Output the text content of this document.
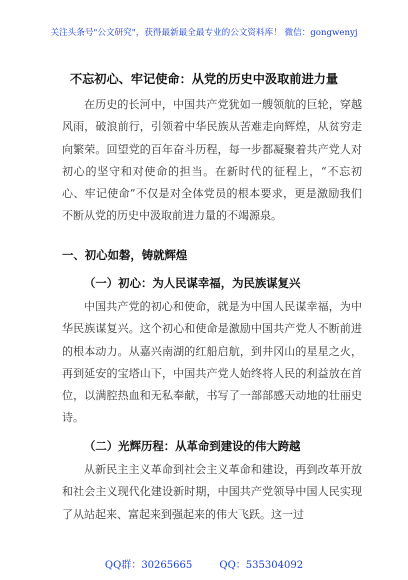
关注头条号"公文研究"，获得最新最全最专业的公文资料库！ 微信：gongwenyj
不忘初心、牢记使命：从党的历史中汲取前进力量

在历史的长河中，中国共产党犹如一艘领航的巨轮，穿越风雨，破浪前行，引领着中华民族从苦难走向辉煌，从贫穷走向繁荣。回望党的百年奋斗历程，每一步都凝聚着共产党人对初心的坚守和对使命的担当。在新时代的征程上，“不忘初心、牢记使命”不仅是对全体党员的根本要求，更是激励我们不断从党的历史中汲取前进力量的不竭源泉。

一、初心如磐，铸就辉煌
（一）初心：为人民谋幸福，为民族谋复兴

中国共产党的初心和使命，就是为中国人民谋幸福，为中华民族谋复兴。这个初心和使命是激励中国共产党人不断前进的根本动力。从嘉兴南湖的红船启航，到井冈山的星星之火，再到延安的宝塔山下，中国共产党人始终将人民的利益放在首位，以满腔热血和无私奉献，书写了一部部感天动地的壮丽史诗。

（二）光辉历程：从革命到建设的伟大跨越

从新民主主义革命到社会主义革命和建设，再到改革开放和社会主义现代化建设新时期，中国共产党领导中国人民实现了从站起来、富起来到强起来的伟大飞跃。这一过

QQ群：30265665	QQ：535304092
